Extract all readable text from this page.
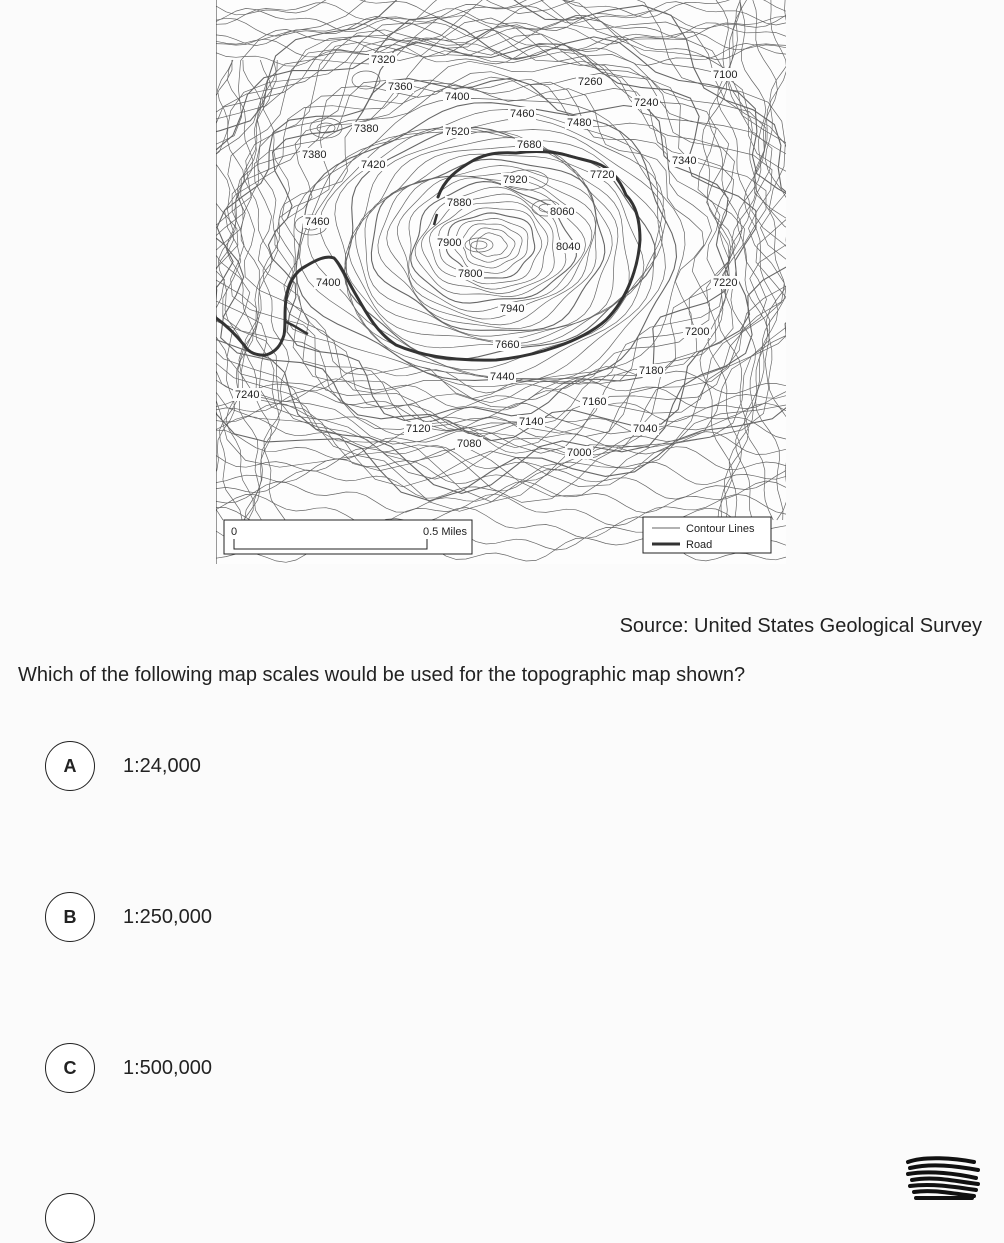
7320
7360
7400
7380
7380
7420
7460
7400
7240
7260
7240
7100
7460
7480
7520
7680
7720
7340
7920
7880
8060
7900	8040
7800
7220
7940
7200
7660
7440	7180
7160
7140
7120
7080
7000
7040
0	0.5 Miles	Contour Lines
Road
Source: United States Geological Survey
Which of the following map scales would be used for the topographic map shown?
A	1:24,000
B	1:250,000
C	1:500,000
